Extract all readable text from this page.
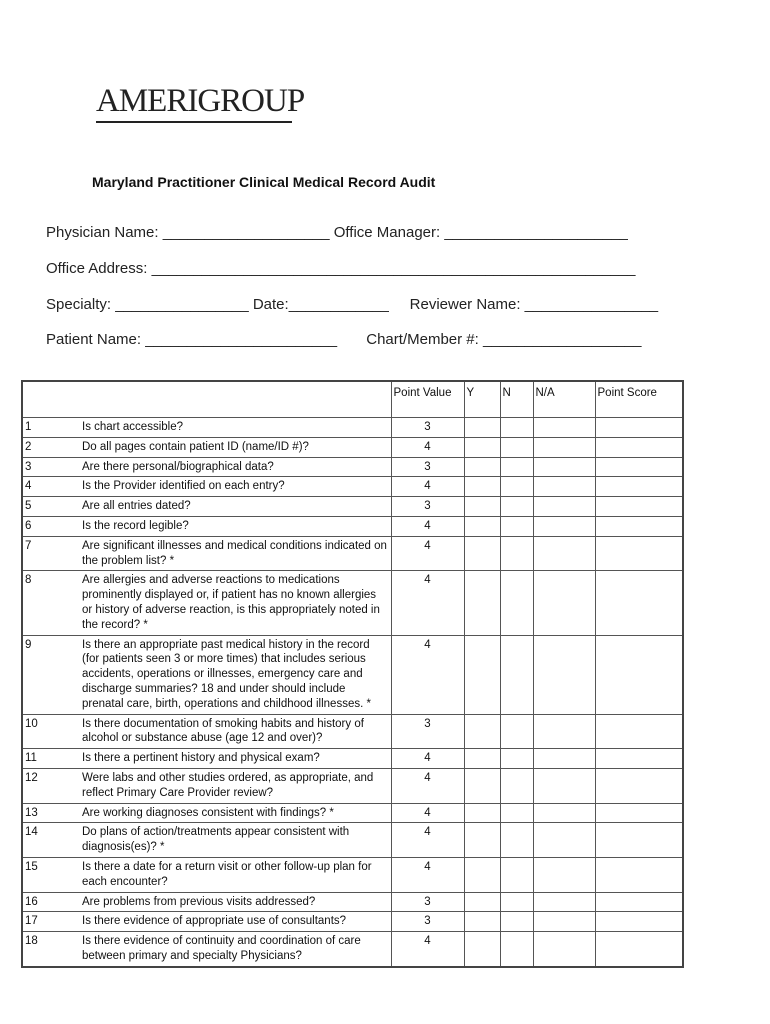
AMERIGROUP
Maryland Practitioner Clinical Medical Record Audit
Physician Name: ____________________ Office Manager: ______________________
Office Address: __________________________________________________________
Specialty: ________________ Date:____________     Reviewer Name: ________________
Patient Name: _______________________       Chart/Member #: ___________________
		Point Value	Y	N	N/A	Point Score
1	Is chart accessible?	3				
2	Do all pages contain patient ID (name/ID #)?	4				
3	Are there personal/biographical data?	3				
4	Is the Provider identified on each entry?	4				
5	Are all entries dated?	3				
6	Is the record legible?	4				
7	Are significant illnesses and medical conditions indicated on the problem list? *	4				
8	Are allergies and adverse reactions to medications prominently displayed or, if patient has no known allergies or history of adverse reaction, is this appropriately noted in the record? *	4				
9	Is there an appropriate past medical history in the record (for patients seen 3 or more times) that includes serious accidents, operations or illnesses, emergency care and discharge summaries? 18 and under should include prenatal care, birth, operations and childhood illnesses. *	4				
10	Is there documentation of smoking habits and history of alcohol or substance abuse (age 12 and over)?	3				
11	Is there a pertinent history and physical exam?	4				
12	Were labs and other studies ordered, as appropriate, and reflect Primary Care Provider review?	4				
13	Are working diagnoses consistent with findings? *	4				
14	Do plans of action/treatments appear consistent with diagnosis(es)? *	4				
15	Is there a date for a return visit or other follow-up plan for each encounter?	4				
16	Are problems from previous visits addressed?	3				
17	Is there evidence of appropriate use of consultants?	3				
18	Is there evidence of continuity and coordination of care between primary and specialty Physicians?	4				
